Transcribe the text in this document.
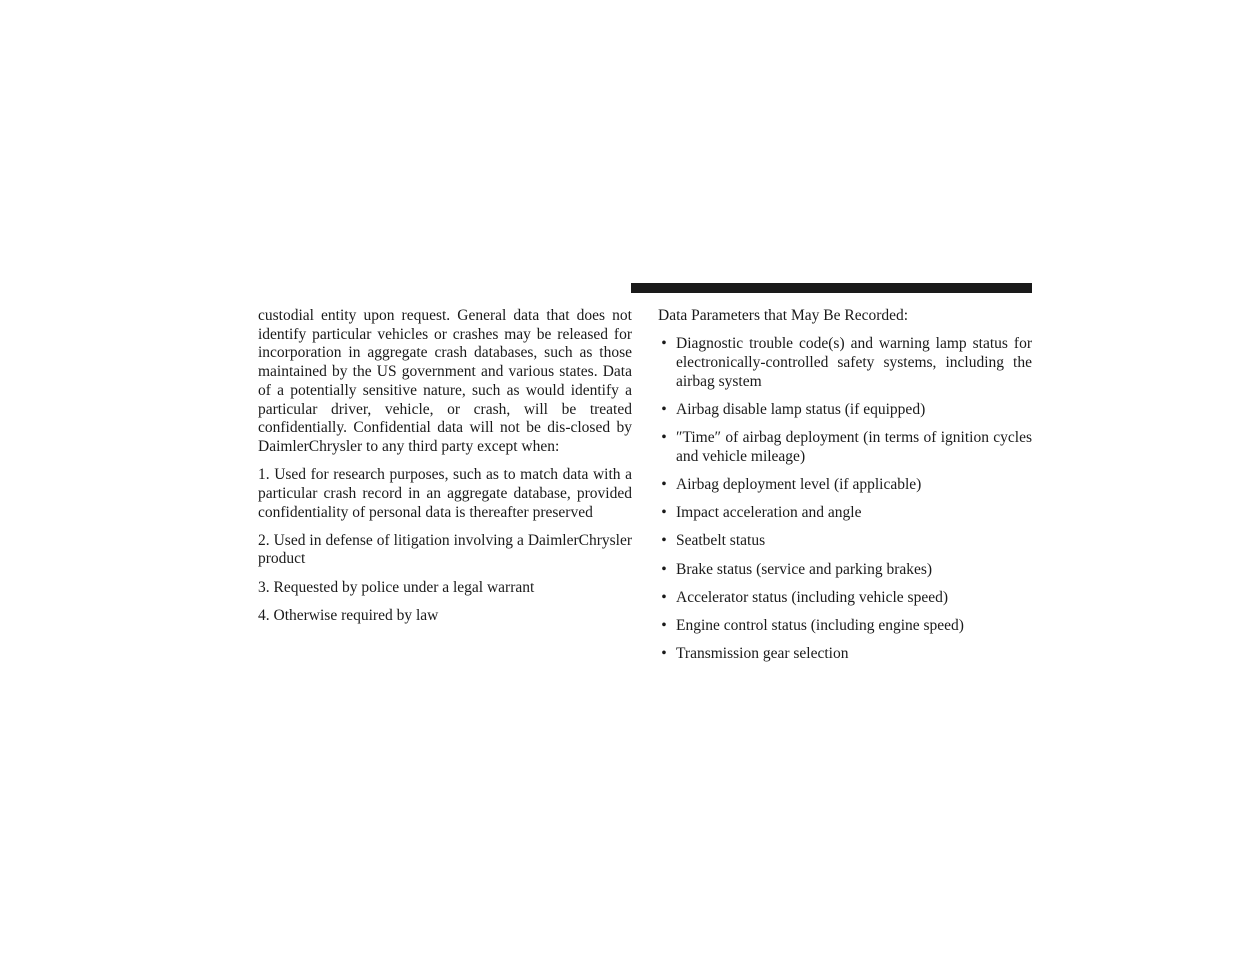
custodial entity upon request. General data that does not identify particular vehicles or crashes may be released for incorporation in aggregate crash databases, such as those maintained by the US government and various states. Data of a potentially sensitive nature, such as would identify a particular driver, vehicle, or crash, will be treated confidentially. Confidential data will not be dis-closed by DaimlerChrysler to any third party except when:

1. Used for research purposes, such as to match data with a particular crash record in an aggregate database, provided confidentiality of personal data is thereafter preserved
2. Used in defense of litigation involving a DaimlerChrysler product
3. Requested by police under a legal warrant
4. Otherwise required by law

Data Parameters that May Be Recorded:

• Diagnostic trouble code(s) and warning lamp status for electronically-controlled safety systems, including the airbag system
• Airbag disable lamp status (if equipped)
• ″Time″ of airbag deployment (in terms of ignition cycles and vehicle mileage)
• Airbag deployment level (if applicable)
• Impact acceleration and angle
• Seatbelt status
• Brake status (service and parking brakes)
• Accelerator status (including vehicle speed)
• Engine control status (including engine speed)
• Transmission gear selection
